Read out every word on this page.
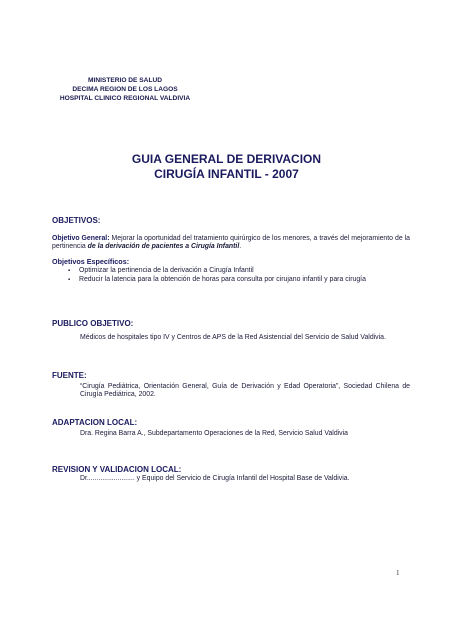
MINISTERIO DE SALUD
DECIMA REGION DE LOS LAGOS
HOSPITAL CLINICO REGIONAL VALDIVIA
GUIA GENERAL DE DERIVACION
CIRUGÍA INFANTIL - 2007
OBJETIVOS:
Objetivo General: Mejorar la oportunidad del tratamiento quirúrgico de los menores, a través del mejoramiento de la pertinencia de la derivación de pacientes a Cirugía Infantil.
Objetivos Específicos:
▪ Optimizar la pertinencia de la derivación a Cirugía Infantil
▪ Reducir la latencia para la obtención de horas para consulta por cirujano infantil y para cirugía
PUBLICO OBJETIVO:
Médicos de hospitales tipo IV y Centros de APS de la Red Asistencial del Servicio de Salud Valdivia.
FUENTE:
“Cirugía Pediátrica, Orientación General, Guía de Derivación y Edad Operatoria”, Sociedad Chilena de Cirugía Pediátrica, 2002.
ADAPTACION LOCAL:
Dra. Regina Barra A., Subdepartamento Operaciones de la Red, Servicio Salud Valdivia
REVISION Y VALIDACION LOCAL:
Dr......................... y Equipo del Servicio de Cirugía Infantil del Hospital Base de Valdivia.
1
